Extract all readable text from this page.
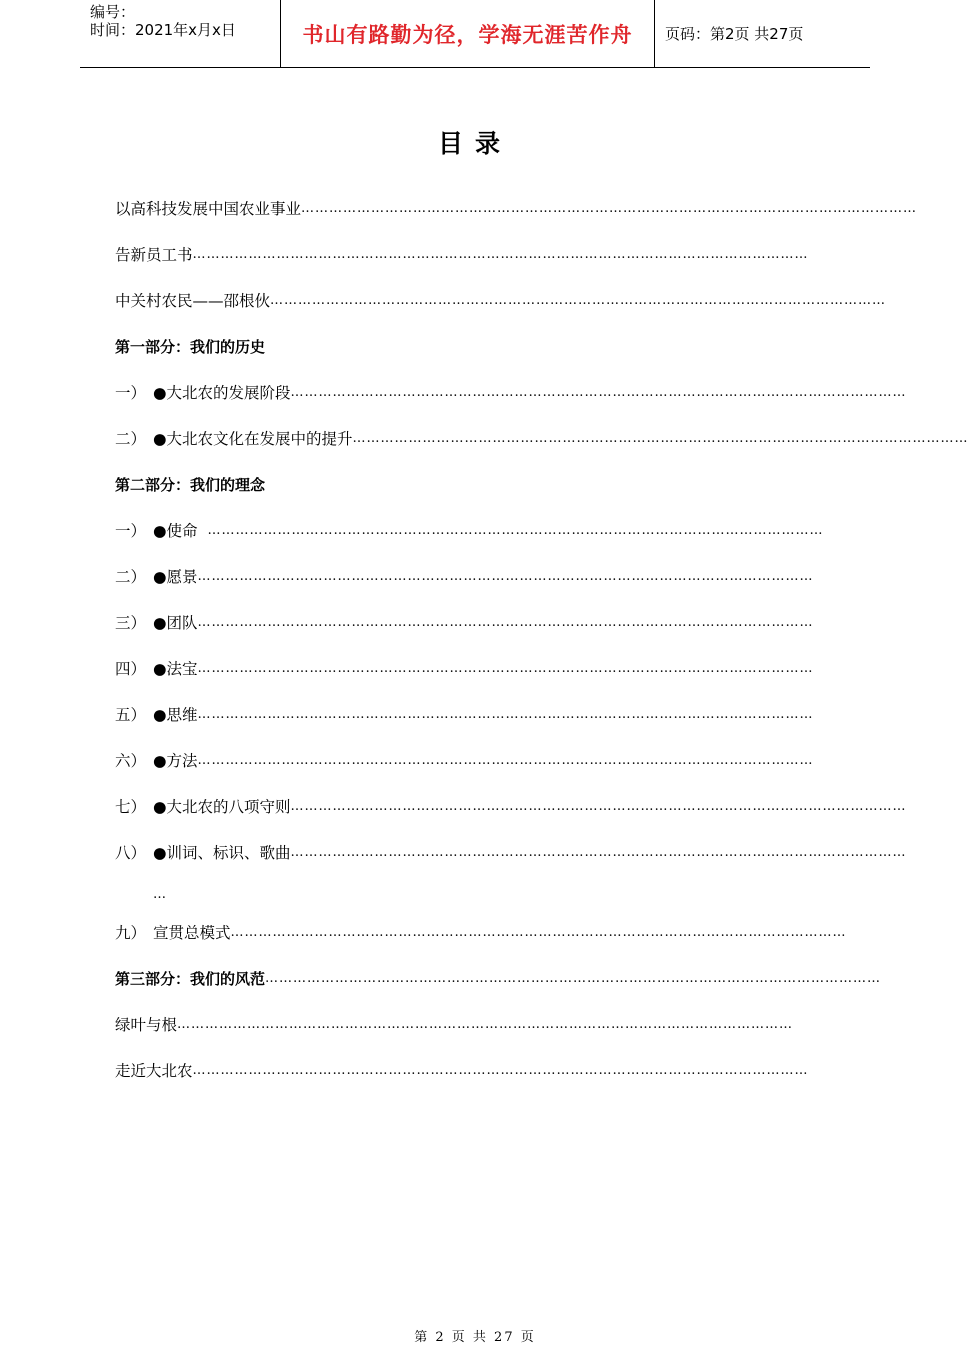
编号：
时间：2021年x月x日	书山有路勤为径，学海无涯苦作舟 页码：第2页 共27页
目录
以高科技发展中国农业事业 ……………………………………………………………………………………………………………………
告新员工书 ……………………………………………………………………………………………………………………
中关村农民——邵根伙 ……………………………………………………………………………………………………………………
第一部分：我们的历史
一） ●大北农的发展阶段 ……………………………………………………………………………………………………………………
二） ●大北农文化在发展中的提升 ……………………………………………………………………………………………………………………
第二部分：我们的理念
一） ●使命 ……………………………………………………………………………………………………………………
二） ●愿景 ……………………………………………………………………………………………………………………
三） ●团队 ……………………………………………………………………………………………………………………
四） ●法宝 ……………………………………………………………………………………………………………………
五） ●思维 ……………………………………………………………………………………………………………………
六） ●方法 ……………………………………………………………………………………………………………………
七） ●大北农的八项守则 ……………………………………………………………………………………………………………………
八） ●训词、标识、歌曲 ……………………………………………………………………………………………………………………
…
九） 宣贯总模式 ……………………………………………………………………………………………………………………
第三部分：我们的风范 ……………………………………………………………………………………………………………………
绿叶与根 ……………………………………………………………………………………………………………………
走近大北农 ……………………………………………………………………………………………………………………
第 2 页 共 27 页
